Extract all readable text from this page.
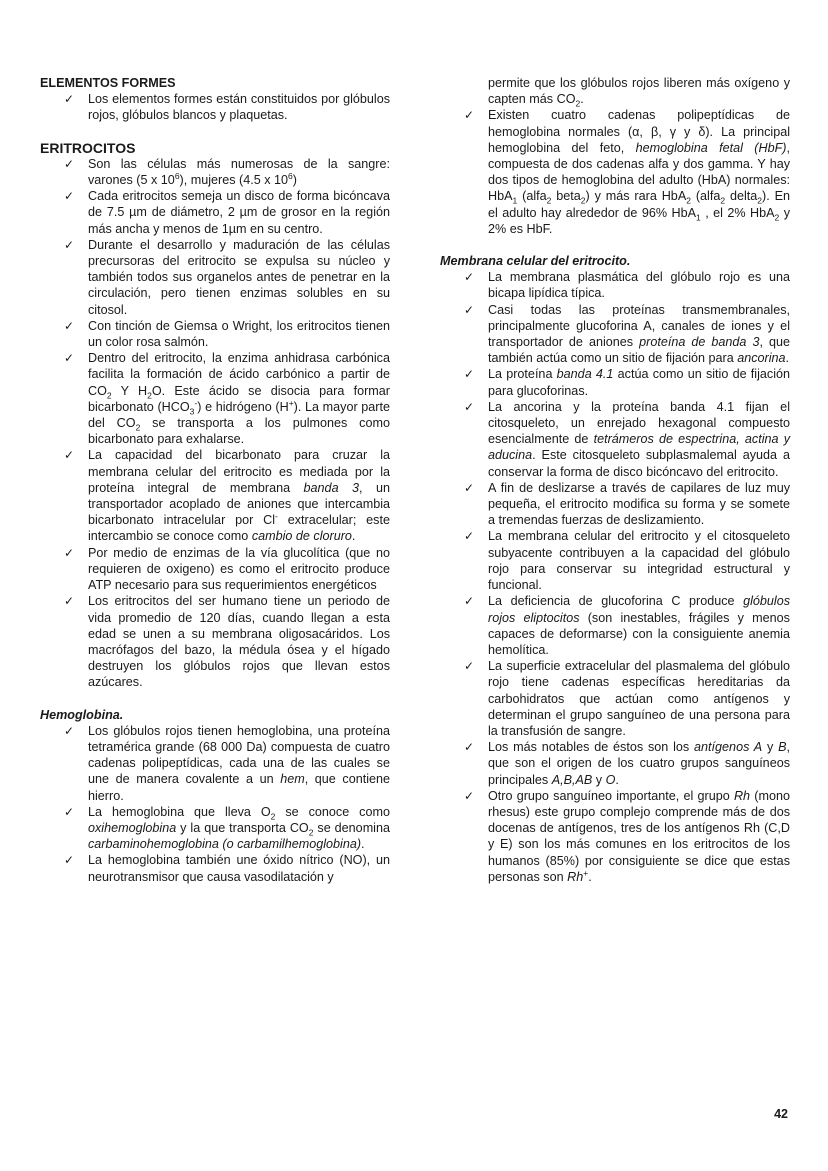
ELEMENTOS FORMES

✓ Los elementos formes están constituidos por glóbulos rojos, glóbulos blancos y plaquetas.

ERITROCITOS

✓ Son las células más numerosas de la sangre: varones (5 x $10^6$), mujeres (4.5 x $10^6$)

✓ Cada eritrocitos semeja un disco de forma bicóncava de 7.5 µm de diámetro, 2 µm de grosor en la región más ancha y menos de 1µm en su centro.

✓ Durante el desarrollo y maduración de las células precursoras del eritrocito se expulsa su núcleo y también todos sus organelos antes de penetrar en la circulación, pero tienen enzimas solubles en su citosol.

✓ Con tinción de Giemsa o Wright, los eritrocitos tienen un color rosa salmón.

✓ Dentro del eritrocito, la enzima anhidrasa carbónica facilita la formación de ácido carbónico a partir de $CO_2$ Y $H_2O$. Este ácido se disocia para formar bicarbonato $(HCO_3^-)$ e hidrógeno (H+). La mayor parte del $CO_2$ se transporta a los pulmones como bicarbonato para exhalarse.

✓ La capacidad del bicarbonato para cruzar la membrana celular del eritrocito es mediada por la proteína integral de membrana banda 3, un transportador acoplado de aniones que intercambia bicarbonato intracelular por Cl- extracelular; este intercambio se conoce como cambio de cloruro.

✓ Por medio de enzimas de la vía glucolítica (que no requieren de oxigeno) es como el eritrocito produce ATP necesario para sus requerimientos energéticos

✓ Los eritrocitos del ser humano tiene un periodo de vida promedio de 120 días, cuando llegan a esta edad se unen a su membrana oligosacáridos. Los macrófagos del bazo, la médula ósea y el hígado destruyen los glóbulos rojos que llevan estos azúcares.

Hemoglobina.

✓ Los glóbulos rojos tienen hemoglobina, una proteína tetramérica grande (68 000 Da) compuesta de cuatro cadenas polipeptídicas, cada una de las cuales se une de manera covalente a un hem, que contiene hierro.

✓ La hemoglobina que lleva $O_2$ se conoce como oxihemoglobina y la que transporta $CO_2$ se denomina carbaminohemoglobina (o carbamilhemoglobina).

✓ La hemoglobina también une óxido nítrico (NO), un neurotransmisor que causa vasodilatación y

permite que los glóbulos rojos liberen más oxígeno y capten más $CO_2$.

✓ Existen cuatro cadenas polipeptídicas de hemoglobina normales (α, β, γ y δ). La principal hemoglobina del feto, hemoglobina fetal (HbF), compuesta de dos cadenas alfa y dos gamma. Y hay dos tipos de hemoglobina del adulto (HbA) normales: HbA$_1$ (alfa$_2$ beta$_2$) y más rara HbA$_2$ (alfa$_2$ delta$_2$). En el adulto hay alrededor de 96% HbA$_1$ , el 2% HbA$_2$ y 2% es HbF.

Membrana celular del eritrocito.

✓ La membrana plasmática del glóbulo rojo es una bicapa lipídica típica.

✓ Casi todas las proteínas transmembranales, principalmente glucoforina A, canales de iones y el transportador de aniones proteína de banda 3, que también actúa como un sitio de fijación para ancorina.

✓ La proteína banda 4.1 actúa como un sitio de fijación para glucoforinas.

✓ La ancorina y la proteína banda 4.1 fijan el citosqueleto, un enrejado hexagonal compuesto esencialmente de tetrámeros de espectrina, actina y aducina. Este citosqueleto subplasmalemal ayuda a conservar la forma de disco bicóncavo del eritrocito.

✓ A fin de deslizarse a través de capilares de luz muy pequeña, el eritrocito modifica su forma y se somete a tremendas fuerzas de deslizamiento.

✓ La membrana celular del eritrocito y el citosqueleto subyacente contribuyen a la capacidad del glóbulo rojo para conservar su integridad estructural y funcional.

✓ La deficiencia de glucoforina C produce glóbulos rojos eliptocitos (son inestables, frágiles y menos capaces de deformarse) con la consiguiente anemia hemolítica.

✓ La superficie extracelular del plasmalema del glóbulo rojo tiene cadenas específicas hereditarias da carbohidratos que actúan como antígenos y determinan el grupo sanguíneo de una persona para la transfusión de sangre.

✓ Los más notables de éstos son los antígenos A y B, que son el origen de los cuatro grupos sanguíneos principales A,B,AB y O.

✓ Otro grupo sanguíneo importante, el grupo Rh (mono rhesus) este grupo complejo comprende más de dos docenas de antígenos, tres de los antígenos Rh (C,D y E) son los más comunes en los eritrocitos de los humanos (85%) por consiguiente se dice que estas personas son Rh+.

42
